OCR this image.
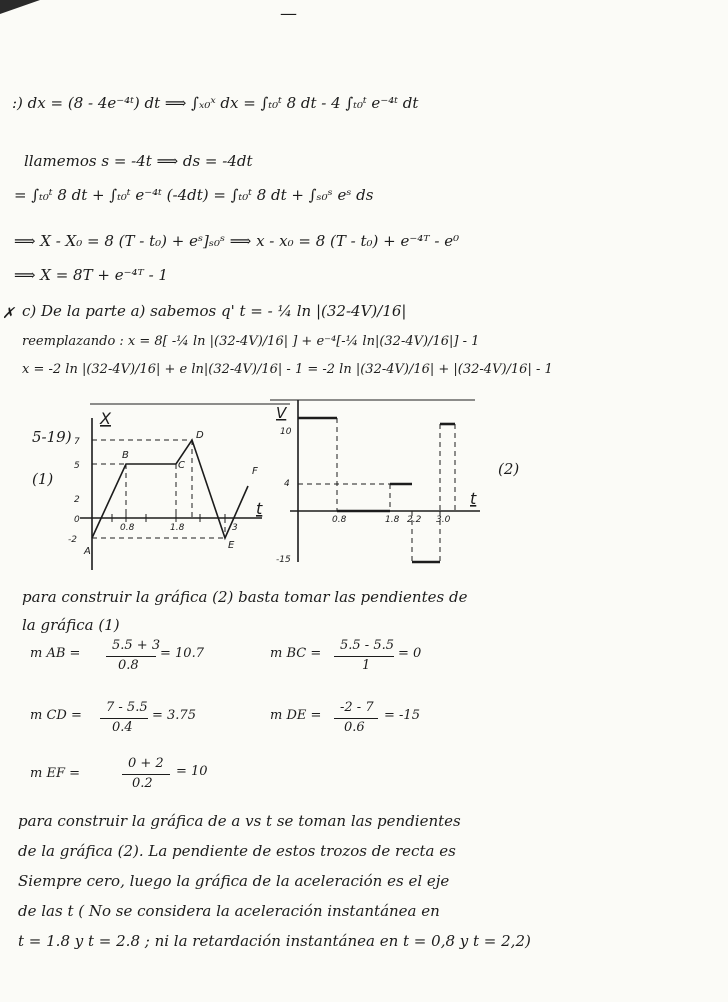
—
:) dx = (8 - 4e⁻⁴ᵗ) dt ⟹ ∫ₓ₀ˣ dx = ∫ₜ₀ᵗ 8 dt - 4 ∫ₜ₀ᵗ e⁻⁴ᵗ dt
llamemos s = -4t ⟹ ds = -4dt
= ∫ₜ₀ᵗ 8 dt + ∫ₜ₀ᵗ e⁻⁴ᵗ (-4dt) = ∫ₜ₀ᵗ 8 dt + ∫ₛ₀ˢ eˢ ds
⟹ X - X₀ = 8 (T - t₀) + eˢ]ₛ₀ˢ ⟹ x - x₀ = 8 (T - t₀) + e⁻⁴ᵀ - e⁰
⟹ X = 8T + e⁻⁴ᵀ - 1
✗ c) De la parte a) sabemos q' t = - ¼ ln |(32-4V)/16|
reemplazando : x = 8[ -¼ ln |(32-4V)/16| ] + e⁻⁴[-¼ ln|(32-4V)/16|] - 1
x = -2 ln |(32-4V)/16| + e ln|(32-4V)/16| - 1 = -2 ln |(32-4V)/16| + |(32-4V)/16| - 1
5-19)
X
t
7
5
2
-2
0
0.8	1.8	3
A
B
C
D
E
F
(1)
V
t
10
4
-15
0.8	1.8 2.2 3.0
(2)
para construir la gráfica (2) basta tomar las pendientes de
la gráfica (1)
m AB =
5.5 + 3
0.8
= 10.7	m BC =
5.5 - 5.5
1
= 0
m CD =
7 - 5.5
0.4
= 3.75	m DE =
-2 - 7
0.6
= -15
m EF =
0 + 2
0.2
= 10
para construir la gráfica de a vs t se toman las pendientes
de la gráfica (2). La pendiente de estos trozos de recta es
Siempre cero, luego la gráfica de la aceleración es el eje
de las t ( No se considera la aceleración instantánea en
t = 1.8 y t = 2.8 ; ni la retardación instantánea en t = 0,8 y t = 2,2)
